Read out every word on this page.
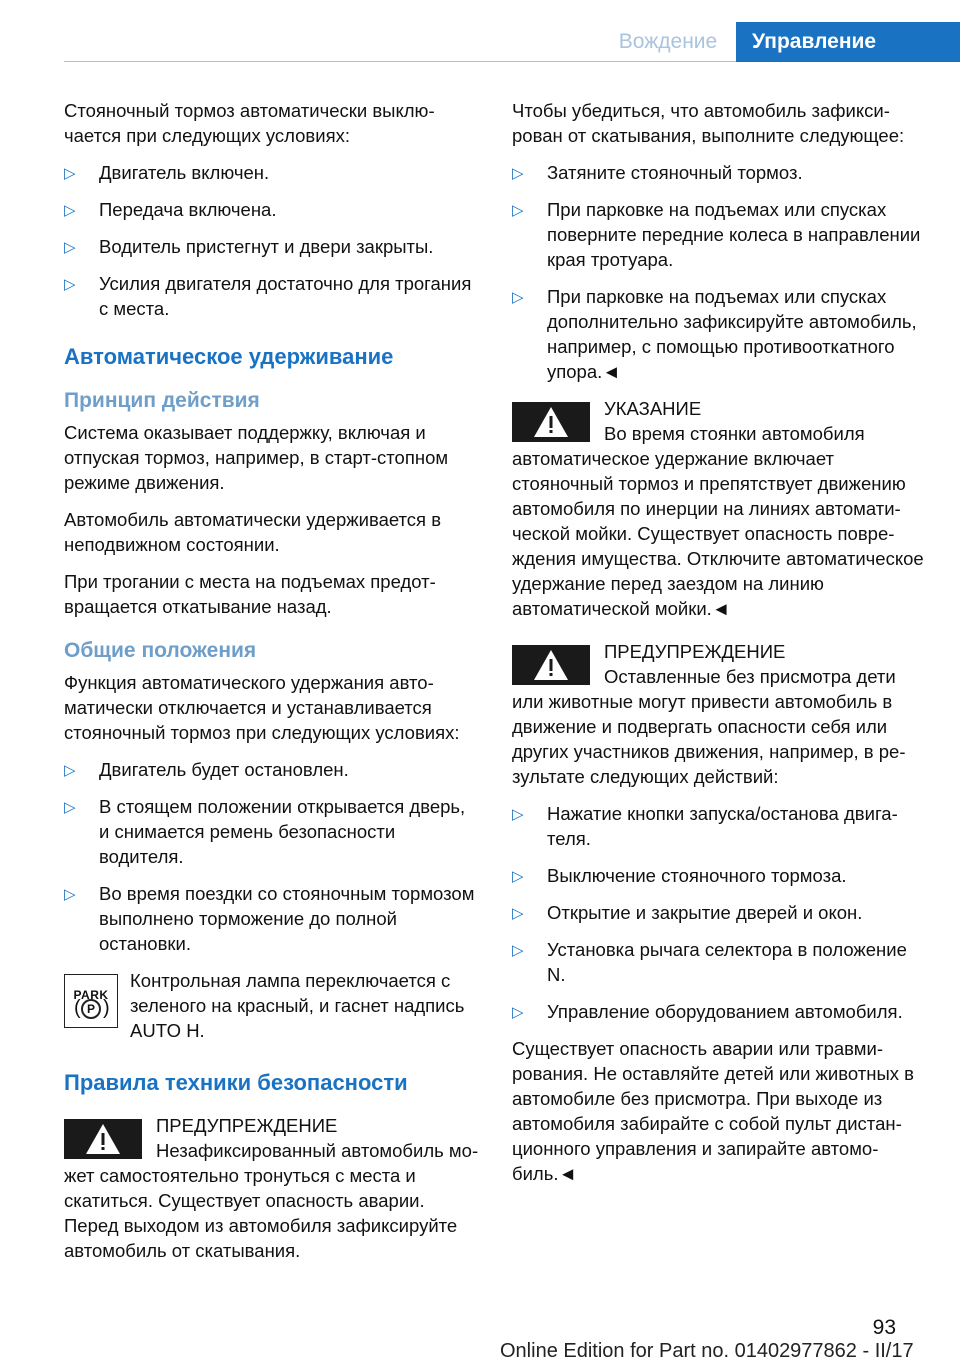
Вождение	Управление

Стояночный тормоз автоматически выключается при следующих условиях:

▷ Двигатель включен.
▷ Передача включена.
▷ Водитель пристегнут и двери закрыты.
▷ Усилия двигателя достаточно для трогания с места.
Автоматическое удерживание
Принцип действия

Система оказывает поддержку, включая и отпуская тормоз, например, в старт-стопном режиме движения.

Автомобиль автоматически удерживается в неподвижном состоянии.

При трогании с места на подъемах предотвращается откатывание назад.

Общие положения

Функция автоматического удержания автоматически отключается и устанавливается стояночный тормоз при следующих условиях:

▷ Двигатель будет остановлен.
▷ В стоящем положении открывается дверь, и снимается ремень безопасности водителя.
▷ Во время поездки со стояночным тормозом выполнено торможение до полной остановки.
PARK
( P )
Контрольная лампа переключается с зеленого на красный, и гаснет надпись AUTO H.
Правила техники безопасности
ПРЕДУПРЕЖДЕНИЕ
Незафиксированный автомобиль может самостоятельно тронуться с места и скатиться. Существует опасность аварии. Перед выходом из автомобиля зафиксируйте автомобиль от скатывания.

Чтобы убедиться, что автомобиль зафиксирован от скатывания, выполните следующее:

▷ Затяните стояночный тормоз.
▷ При парковке на подъемах или спусках поверните передние колеса в направлении края тротуара.
▷ При парковке на подъемах или спусках дополнительно зафиксируйте автомобиль, например, с помощью противооткатного упора.◄
УКАЗАНИЕ
Во время стоянки автомобиля автоматическое удержание включает стояночный тормоз и препятствует движению автомобиля по инерции на линиях автоматической мойки. Существует опасность повреждения имущества. Отключите автоматическое удержание перед заездом на линию автоматической мойки.◄
ПРЕДУПРЕЖДЕНИЕ
Оставленные без присмотра дети или животные могут привести автомобиль в движение и подвергать опасности себя или других участников движения, например, в результате следующих действий:
▷ Нажатие кнопки запуска/останова двигателя.
▷ Выключение стояночного тормоза.
▷ Открытие и закрытие дверей и окон.
▷ Установка рычага селектора в положение N.
▷ Управление оборудованием автомобиля.

Существует опасность аварии или травмирования. Не оставляйте детей или животных в автомобиле без присмотра. При выходе из автомобиля забирайте с собой пульт дистанционного управления и запирайте автомобиль.◄

93
Online Edition for Part no. 01402977862 - II/17
